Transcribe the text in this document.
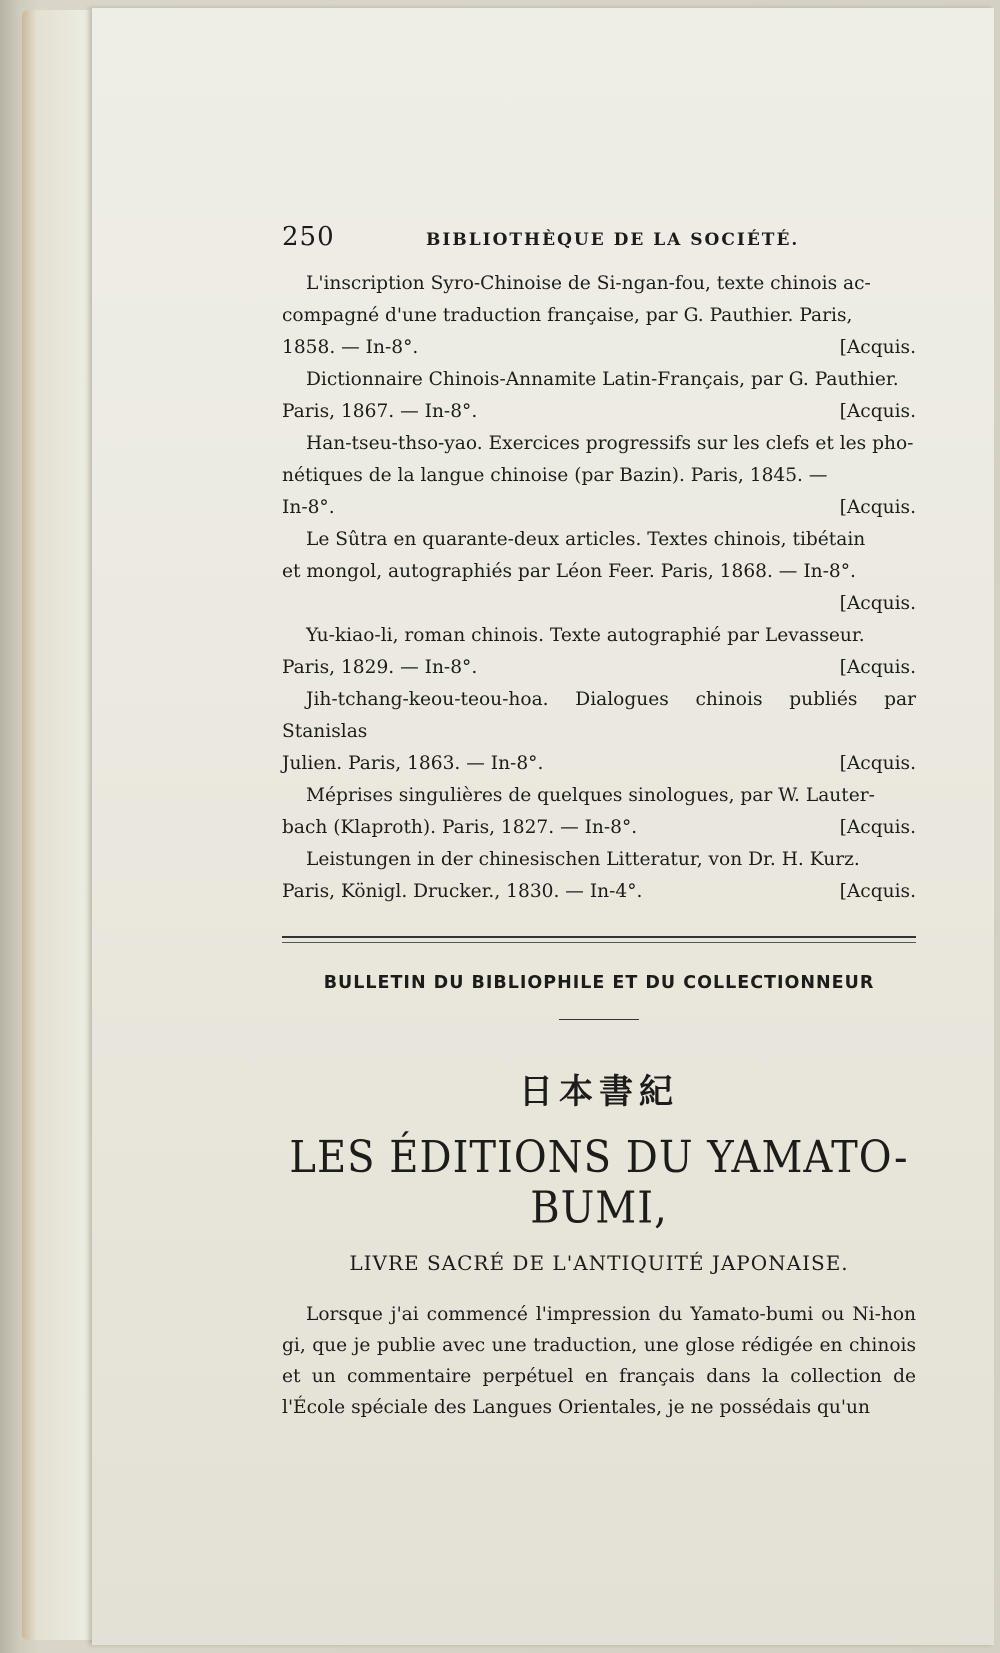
250	BIBLIOTHÈQUE DE LA SOCIÉTÉ.
L'inscription Syro-Chinoise de Si-ngan-fou, texte chinois ac-
compagné d'une traduction française, par G. Pauthier. Paris,
1858. — In-8°.	[Acquis.
Dictionnaire Chinois-Annamite Latin-Français, par G. Pauthier.
Paris, 1867. — In-8°.	[Acquis.
Han-tseu-thso-yao. Exercices progressifs sur les clefs et les pho-
nétiques de la langue chinoise (par Bazin). Paris, 1845. —
In-8°.	[Acquis.
Le Sûtra en quarante-deux articles. Textes chinois, tibétain
et mongol, autographiés par Léon Feer. Paris, 1868. — In-8°.
[Acquis.
Yu-kiao-li, roman chinois. Texte autographié par Levasseur.
Paris, 1829. — In-8°.	[Acquis.
Jih-tchang-keou-teou-hoa. Dialogues chinois publiés par Stanislas
Julien. Paris, 1863. — In-8°.	[Acquis.
Méprises singulières de quelques sinologues, par W. Lauter-
bach (Klaproth). Paris, 1827. — In-8°.	[Acquis.
Leistungen in der chinesischen Litteratur, von Dr. H. Kurz.
Paris, Königl. Drucker., 1830. — In-4°.	[Acquis.
BULLETIN DU BIBLIOPHILE ET DU COLLECTIONNEUR
日本書紀
LES ÉDITIONS DU YAMATO-BUMI,
LIVRE SACRÉ DE L'ANTIQUITÉ JAPONAISE.

Lorsque j'ai commencé l'impression du Yamato-bumi ou Ni-hon gi, que je publie avec une traduction, une glose rédigée en chinois et un commentaire perpétuel en français dans la collection de l'École spéciale des Langues Orientales, je ne possédais qu'un
